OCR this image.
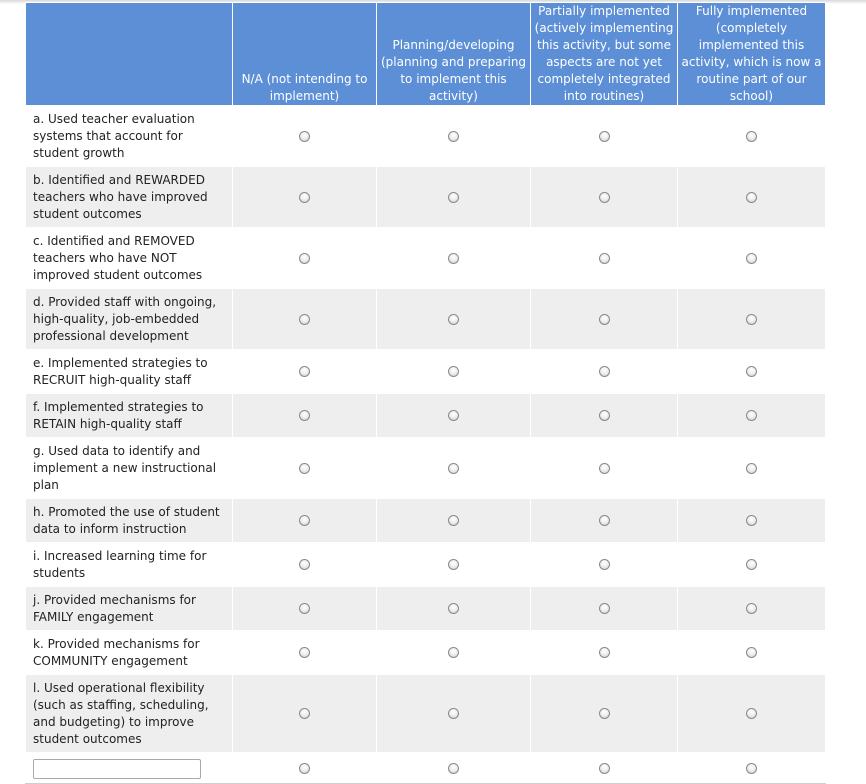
	N/A (not intending to implement)	Planning/developing (planning and preparing to implement this activity)	Partially implemented (actively implementing this activity, but some aspects are not yet completely integrated into routines)	Fully implemented (completely implemented this activity, which is now a routine part of our school)
a. Used teacher evaluation systems that account for student growth				
b. Identified and REWARDED teachers who have improved student outcomes				
c. Identified and REMOVED teachers who have NOT improved student outcomes				
d. Provided staff with ongoing, high-quality, job-embedded professional development				
e. Implemented strategies to RECRUIT high-quality staff				
f. Implemented strategies to RETAIN high-quality staff				
g. Used data to identify and implement a new instructional plan				
h. Promoted the use of student data to inform instruction				
i. Increased learning time for students				
j. Provided mechanisms for FAMILY engagement				
k. Provided mechanisms for COMMUNITY engagement				
l. Used operational flexibility (such as staffing, scheduling, and budgeting) to improve student outcomes				
